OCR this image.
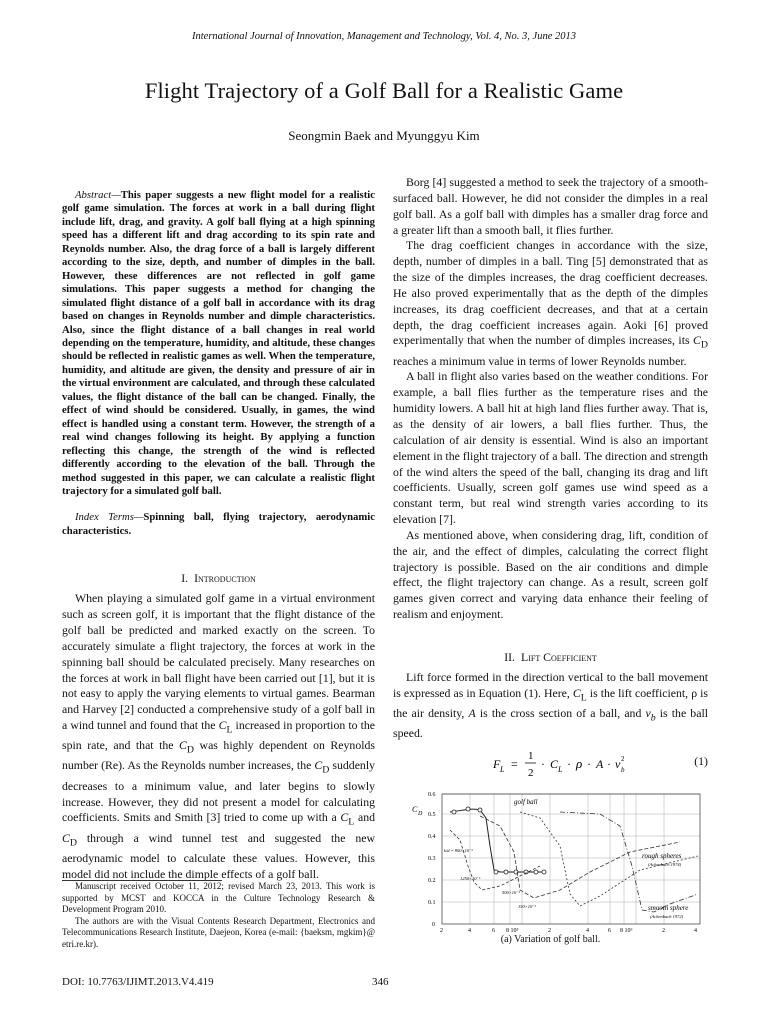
International Journal of Innovation, Management and Technology, Vol. 4, No. 3, June 2013
Flight Trajectory of a Golf Ball for a Realistic Game
Seongmin Baek and Myunggyu Kim

Abstract—This paper suggests a new flight model for a realistic golf game simulation. The forces at work in a ball during flight include lift, drag, and gravity. A golf ball flying at a high spinning speed has a different lift and drag according to its spin rate and Reynolds number. Also, the drag force of a ball is largely different according to the size, depth, and number of dimples in the ball. However, these differences are not reflected in golf game simulations. This paper suggests a method for changing the simulated flight distance of a golf ball in accordance with its drag based on changes in Reynolds number and dimple characteristics. Also, since the flight distance of a ball changes in real world depending on the temperature, humidity, and altitude, these changes should be reflected in realistic games as well. When the temperature, humidity, and altitude are given, the density and pressure of air in the virtual environment are calculated, and through these calculated values, the flight distance of the ball can be changed. Finally, the effect of wind should be considered. Usually, in games, the wind effect is handled using a constant term. However, the strength of a real wind changes following its height. By applying a function reflecting this change, the strength of the wind is reflected differently according to the elevation of the ball. Through the method suggested in this paper, we can calculate a realistic flight trajectory for a simulated golf ball.

Index Terms—Spinning ball, flying trajectory, aerodynamic characteristics.

I. Introduction

When playing a simulated golf game in a virtual environment such as screen golf, it is important that the flight distance of the golf ball be predicted and marked exactly on the screen. To accurately simulate a flight trajectory, the forces at work in the spinning ball should be calculated precisely. Many researches on the forces at work in ball flight have been carried out [1], but it is not easy to apply the varying elements to virtual games. Bearman and Harvey [2] conducted a comprehensive study of a golf ball in a wind tunnel and found that the $C_L$ increased in proportion to the spin rate, and that the $C_D$ was highly dependent on Reynolds number (Re). As the Reynolds number increases, the $C_D$ suddenly decreases to a minimum value, and later begins to slowly increase. However, they did not present a model for calculating coefficients. Smits and Smith [3] tried to come up with a $C_L$ and $C_D$ through a wind tunnel test and suggested the new aerodynamic model to calculate these values. However, this model did not include the dimple effects of a golf ball.

Manuscript received October 11, 2012; revised March 23, 2013. This work is supported by MCST and KOCCA in the Culture Technology Research & Development Program 2010.

The authors are with the Visual Contents Research Department, Electronics and Telecommunications Research Institute, Daejeon, Korea (e-mail: {baeksm, mgkim}@ etri.re.kr).

Borg [4] suggested a method to seek the trajectory of a smooth-surfaced ball. However, he did not consider the dimples in a real golf ball. As a golf ball with dimples has a smaller drag force and a greater lift than a smooth ball, it flies further.

The drag coefficient changes in accordance with the size, depth, number of dimples in a ball. Ting [5] demonstrated that as the size of the dimples increases, the drag coefficient decreases. He also proved experimentally that as the depth of the dimples increases, its drag coefficient decreases, and that at a certain depth, the drag coefficient increases again. Aoki [6] proved experimentally that when the number of dimples increases, its $C_D$ reaches a minimum value in terms of lower Reynolds number.

A ball in flight also varies based on the weather conditions. For example, a ball flies further as the temperature rises and the humidity lowers. A ball hit at high land flies further away. That is, as the density of air lowers, a ball flies further. Thus, the calculation of air density is essential. Wind is also an important element in the flight trajectory of a ball. The direction and strength of the wind alters the speed of the ball, changing its drag and lift coefficients. Usually, screen golf games use wind speed as a constant term, but real wind strength varies according to its elevation [7].

As mentioned above, when considering drag, lift, condition of the air, and the effect of dimples, calculating the correct flight trajectory is possible. Based on the air conditions and dimple effect, the flight trajectory can change. As a result, screen golf games given correct and varying data enhance their feeling of realism and enjoyment.

II. Lift Coefficient

Lift force formed in the direction vertical to the ball movement is expressed as in Equation (1). Here, $C_L$ is the lift coefficient, ρ is the air density, A is the cross section of a ball, and $v_b$ is the ball speed.

F L =
1
2
· C L · ρ · A · v 2
b
(1)
C D
0.6
0.5
0.4
0.3
0.2
0.1
0
2	4	6 8 10⁵	2	4	6 8 10⁶	2	4
golf ball
rough spheres
(Achenbach 1974)
smooth sphere
(Achenbach 1972)
k/d = 900×10⁻⁵
1250×10⁻⁵
500×10⁻⁵
150×10⁻⁵
(a) Variation of golf ball.
DOI: 10.7763/IJIMT.2013.V4.419	346
